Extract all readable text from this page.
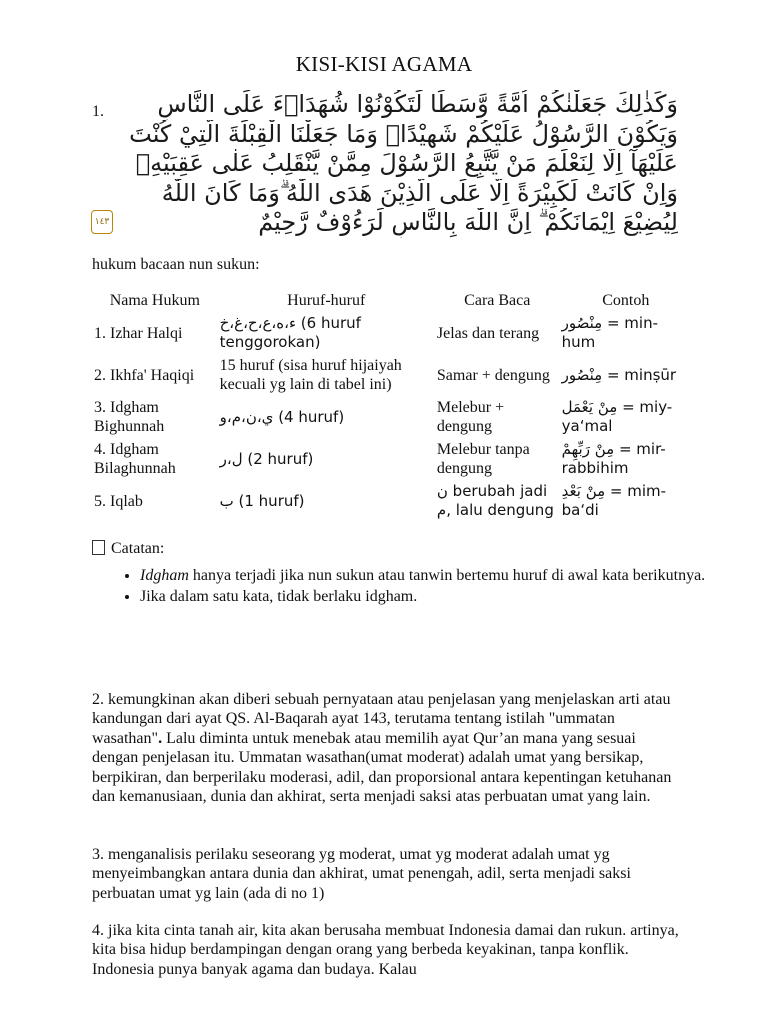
KISI-KISI AGAMA
1.	وَكَذٰلِكَ جَعَلْنٰكُمْ اُمَّةً وَّسَطًا لِّتَكُوْنُوْا شُهَدَاۤءَ عَلَى النَّاسِ
وَيَكُوْنَ الرَّسُوْلُ عَلَيْكُمْ شَهِيْدًاۗ وَمَا جَعَلْنَا الْقِبْلَةَ الَّتِيْ كُنْتَ
عَلَيْهَآ اِلَّا لِنَعْلَمَ مَنْ يَّتَّبِعُ الرَّسُوْلَ مِمَّنْ يَّنْقَلِبُ عَلٰى عَقِبَيْهِۗ
وَاِنْ كَانَتْ لَكَبِيْرَةً اِلَّا عَلَى الَّذِيْنَ هَدَى اللّٰهُ ۗوَمَا كَانَ اللّٰهُ
لِيُضِيْعَ اِيْمَانَكُمْ ۗ اِنَّ اللّٰهَ بِالنَّاسِ لَرَءُوْفٌ رَّحِيْمٌ
١٤٣
hukum bacaan nun sukun:
Nama Hukum	Huruf-huruf	Cara Baca	Contoh
1. Izhar Halqi	ء،ه،ع،ح،غ،خ (6 huruf tenggorokan)	Jelas dan terang	مِنْصُور = min-hum
2. Ikhfa' Haqiqi	15 huruf (sisa huruf hijaiyah kecuali yg lain di tabel ini)	Samar + dengung	مِنْصُور = minṣūr
3. Idgham Bighunnah	ي،ن،م،و (4 huruf)	Melebur + dengung	مِنْ يَعْمَل = miy-ya‘mal
4. Idgham Bilaghunnah	ل،ر (2 huruf)	Melebur tanpa dengung	مِنْ رَبِّهِمْ = mir-rabbihim
5. Iqlab	ب (1 huruf)	ن berubah jadi م, lalu dengung	مِنْ بَعْدِ = mim-ba‘di
Catatan:
• Idgham hanya terjadi jika nun sukun atau tanwin bertemu huruf di awal kata berikutnya.
• Jika dalam satu kata, tidak berlaku idgham.

2. kemungkinan akan diberi sebuah pernyataan atau penjelasan yang menjelaskan arti atau kandungan dari ayat QS. Al-Baqarah ayat 143, terutama tentang istilah "ummatan wasathan". Lalu diminta untuk menebak atau memilih ayat Qur’an mana yang sesuai dengan penjelasan itu. Ummatan wasathan(umat moderat) adalah umat yang bersikap, berpikiran, dan berperilaku moderasi, adil, dan proporsional antara kepentingan ketuhanan dan kemanusiaan, dunia dan akhirat, serta menjadi saksi atas perbuatan umat yang lain.

3. menganalisis perilaku seseorang yg moderat, umat yg moderat adalah umat yg menyeimbangkan antara dunia dan akhirat, umat penengah, adil, serta menjadi saksi perbuatan umat yg lain (ada di no 1)

4. jika kita cinta tanah air, kita akan berusaha membuat Indonesia damai dan rukun. artinya, kita bisa hidup berdampingan dengan orang yang berbeda keyakinan, tanpa konflik. Indonesia punya banyak agama dan budaya. Kalau
